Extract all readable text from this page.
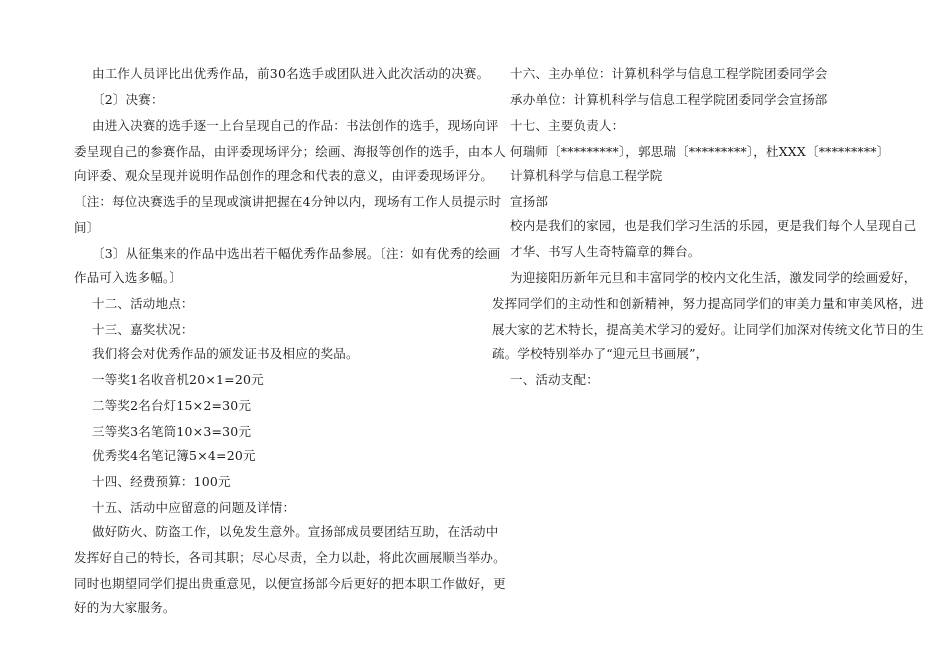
由工作人员评比出优秀作品，前30名选手或团队进入此次活动的决赛。
〔2〕决赛：
由进入决赛的选手逐一上台呈现自己的作品：书法创作的选手，现场向评
委呈现自己的参赛作品，由评委现场评分；绘画、海报等创作的选手，由本人
向评委、观众呈现并说明作品创作的理念和代表的意义，由评委现场评分。
〔注：每位决赛选手的呈现或演讲把握在4分钟以内，现场有工作人员提示时
间〕
〔3〕从征集来的作品中选出若干幅优秀作品参展。〔注：如有优秀的绘画
作品可入选多幅。〕
十二、活动地点：
十三、嘉奖状况：
我们将会对优秀作品的颁发证书及相应的奖品。
一等奖1名收音机20×1=20元
二等奖2名台灯15×2=30元
三等奖3名笔筒10×3=30元
优秀奖4名笔记簿5×4=20元
十四、经费预算：100元
十五、活动中应留意的问题及详情：
做好防火、防盗工作，以免发生意外。宣扬部成员要团结互助，在活动中
发挥好自己的特长，各司其职；尽心尽责，全力以赴，将此次画展顺当举办。
同时也期望同学们提出贵重意见，以便宣扬部今后更好的把本职工作做好，更
好的为大家服务。
十六、主办单位：计算机科学与信息工程学院团委同学会
承办单位：计算机科学与信息工程学院团委同学会宣扬部
十七、主要负责人：
何瑞师〔*********〕，郭思瑞〔*********〕，杜XXX〔*********〕
计算机科学与信息工程学院
宣扬部
校内是我们的家园，也是我们学习生活的乐园，更是我们每个人呈现自己
才华、书写人生奇特篇章的舞台。
为迎接阳历新年元旦和丰富同学的校内文化生活，激发同学的绘画爱好，
发挥同学们的主动性和创新精神，努力提高同学们的审美力量和审美风格，进
展大家的艺术特长，提高美术学习的爱好。让同学们加深对传统文化节日的生
疏。学校特别举办了“迎元旦书画展”，
一、活动支配：
